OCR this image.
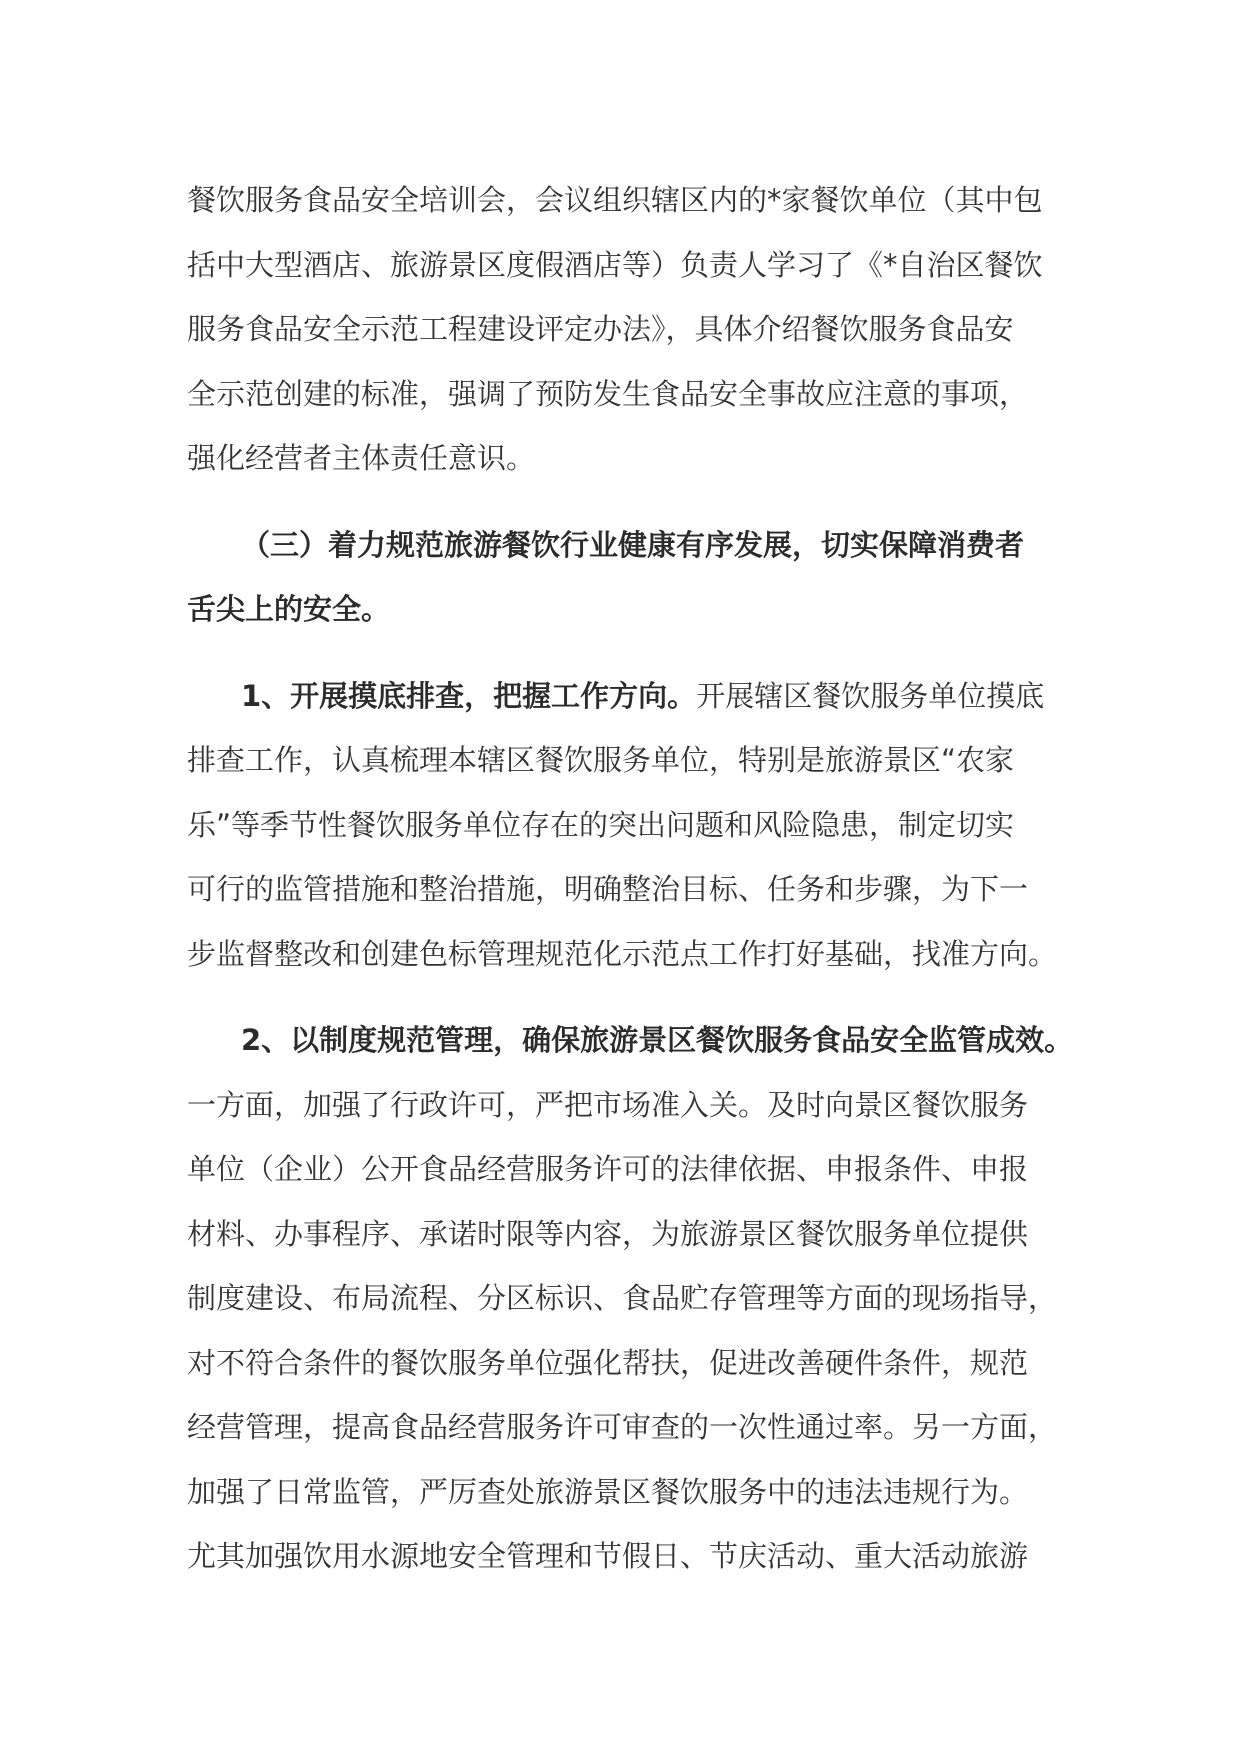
餐饮服务食品安全培训会，会议组织辖区内的*家餐饮单位（其中包
括中大型酒店、旅游景区度假酒店等）负责人学习了《*自治区餐饮
服务食品安全示范工程建设评定办法》，具体介绍餐饮服务食品安
全示范创建的标准，强调了预防发生食品安全事故应注意的事项，
强化经营者主体责任意识。
（三）着力规范旅游餐饮行业健康有序发展，切实保障消费者
舌尖上的安全。
1、开展摸底排查，把握工作方向。开展辖区餐饮服务单位摸底
排查工作，认真梳理本辖区餐饮服务单位，特别是旅游景区“农家
乐”等季节性餐饮服务单位存在的突出问题和风险隐患，制定切实
可行的监管措施和整治措施，明确整治目标、任务和步骤，为下一
步监督整改和创建色标管理规范化示范点工作打好基础，找准方向。
2、以制度规范管理，确保旅游景区餐饮服务食品安全监管成效。
一方面，加强了行政许可，严把市场准入关。及时向景区餐饮服务
单位（企业）公开食品经营服务许可的法律依据、申报条件、申报
材料、办事程序、承诺时限等内容，为旅游景区餐饮服务单位提供
制度建设、布局流程、分区标识、食品贮存管理等方面的现场指导，
对不符合条件的餐饮服务单位强化帮扶，促进改善硬件条件，规范
经营管理，提高食品经营服务许可审查的一次性通过率。另一方面，
加强了日常监管，严厉查处旅游景区餐饮服务中的违法违规行为。
尤其加强饮用水源地安全管理和节假日、节庆活动、重大活动旅游
